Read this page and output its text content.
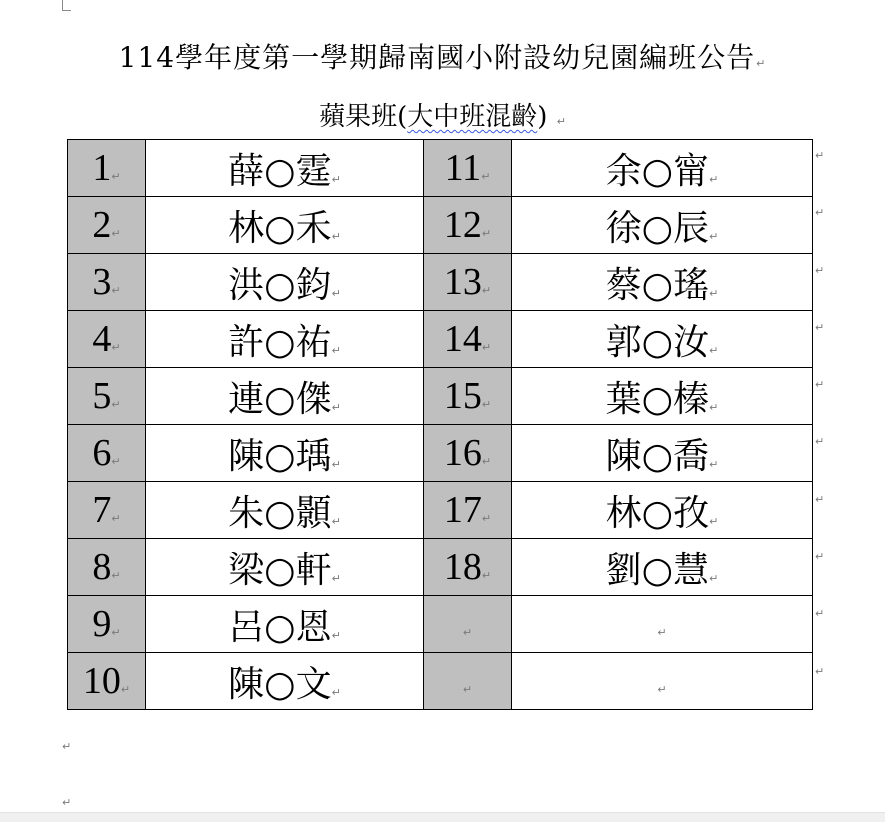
114學年度第一學期歸南國小附設幼兒園編班公告↵
蘋果班(大中班混齡) ↵
1↵	薛○霆↵	11↵	余○甯↵
2↵	林○禾↵	12↵	徐○辰↵
3↵	洪○鈞↵	13↵	蔡○瑤↵
4↵	許○祐↵	14↵	郭○汝↵
5↵	連○傑↵	15↵	葉○榛↵
6↵	陳○瑀↵	16↵	陳○喬↵
7↵	朱○顥↵	17↵	林○孜↵
8↵	梁○軒↵	18↵	劉○慧↵
9↵	呂○恩↵	↵	↵
10↵	陳○文↵	↵	↵
↵
↵
↵
↵
↵
↵
↵
↵
↵
↵
↵
↵
